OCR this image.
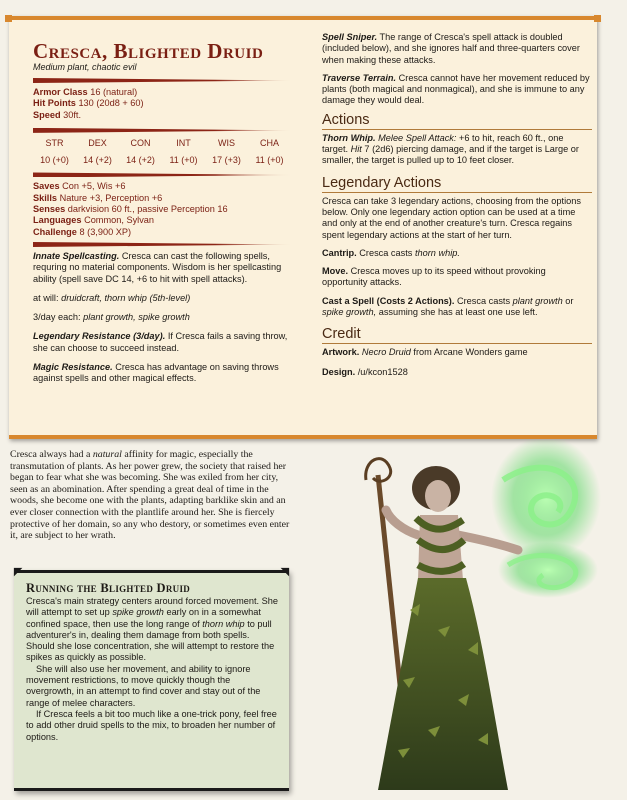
Cresca, Blighted Druid
Medium plant, chaotic evil
Armor Class 16 (natural)
Hit Points 130 (20d8 + 60)
Speed 30ft.
STR	DEX	CON	INT	WIS	CHA
10 (+0)	14 (+2)	14 (+2)	11 (+0)	17 (+3)	11 (+0)
Saves Con +5, Wis +6
Skills Nature +3, Perception +6
Senses darkvision 60 ft., passive Perception 16
Languages Common, Sylvan
Challenge 8 (3,900 XP)

Innate Spellcasting. Cresca can cast the following spells, requring no material components. Wisdom is her spellcasting ability (spell save DC 14, +6 to hit with spell attacks).

at will: druidcraft, thorn whip (5th-level)

3/day each: plant growth, spike growth

Legendary Resistance (3/day). If Cresca fails a saving throw, she can choose to succeed instead.

Magic Resistance. Cresca has advantage on saving throws against spells and other magical effects.

Spell Sniper. The range of Cresca's spell attack is doubled (included below), and she ignores half and three-quarters cover when making these attacks.

Traverse Terrain. Cresca cannot have her movement reduced by plants (both magical and nonmagical), and she is immune to any damage they would deal.

Actions

Thorn Whip. Melee Spell Attack: +6 to hit, reach 60 ft., one target. Hit 7 (2d6) piercing damage, and if the target is Large or smaller, the target is pulled up to 10 feet closer.

Legendary Actions

Cresca can take 3 legendary actions, choosing from the options below. Only one legendary action option can be used at a time and only at the end of another creature's turn. Cresca regains spent legendary actions at the start of her turn.

Cantrip. Cresca casts thorn whip.

Move. Cresca moves up to its speed without provoking opportunity attacks.

Cast a Spell (Costs 2 Actions). Cresca casts plant growth or spike growth, assuming she has at least one use left.

Credit

Artwork. Necro Druid from Arcane Wonders game

Design. /u/kcon1528

Cresca always had a natural affinity for magic, especially the transmutation of plants. As her power grew, the society that raised her began to fear what she was becoming. She was exiled from her city, seen as an abomination. After spending a great deal of time in the woods, she become one with the plants, adapting barklike skin and an ever closer connection with the plantlife around her. She is fiercely protective of her domain, so any who destory, or sometimes even enter it, are subject to her wrath.
Running the Blighted Druid

Cresca's main strategy centers around forced movement. She will attempt to set up spike growth early on in a somewhat confined space, then use the long range of thorn whip to pull adventurer's in, dealing them damage from both spells. Should she lose concentration, she will attempt to restore the spikes as quickly as possible.

She will also use her movement, and ability to ignore movement restrictions, to move quickly though the overgrowth, in an attempt to find cover and stay out of the range of melee characters.

If Cresca feels a bit too much like a one-trick pony, feel free to add other druid spells to the mix, to broaden her number of options.
